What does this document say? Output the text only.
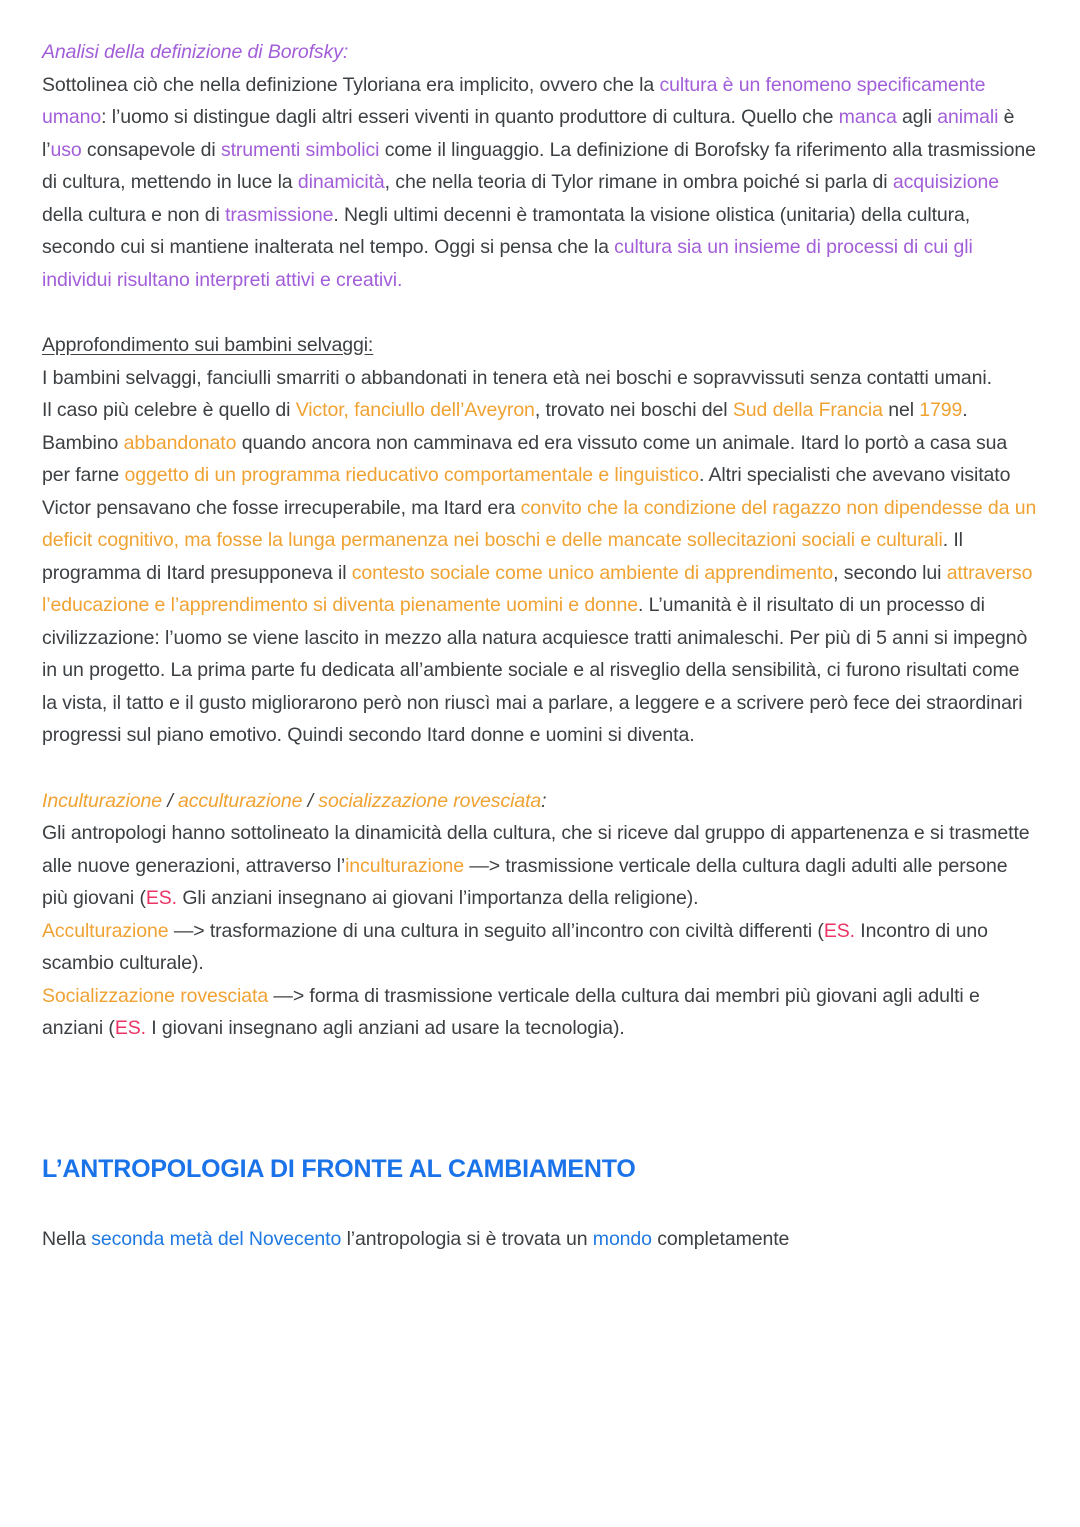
Analisi della definizione di Borofsky:
Sottolinea ciò che nella definizione Tyloriana era implicito, ovvero che la cultura è un fenomeno specificamente umano: l’uomo si distingue dagli altri esseri viventi in quanto produttore di cultura. Quello che manca agli animali è l’uso consapevole di strumenti simbolici come il linguaggio. La definizione di Borofsky fa riferimento alla trasmissione di cultura, mettendo in luce la dinamicità, che nella teoria di Tylor rimane in ombra poiché si parla di acquisizione della cultura e non di trasmissione. Negli ultimi decenni è tramontata la visione olistica (unitaria) della cultura, secondo cui si mantiene inalterata nel tempo. Oggi si pensa che la cultura sia un insieme di processi di cui gli individui risultano interpreti attivi e creativi.
Approfondimento sui bambini selvaggi:
I bambini selvaggi, fanciulli smarriti o abbandonati in tenera età nei boschi e sopravvissuti senza contatti umani.
Il caso più celebre è quello di Victor, fanciullo dell’Aveyron, trovato nei boschi del Sud della Francia nel 1799. Bambino abbandonato quando ancora non camminava ed era vissuto come un animale. Itard lo portò a casa sua per farne oggetto di un programma rieducativo comportamentale e linguistico. Altri specialisti che avevano visitato Victor pensavano che fosse irrecuperabile, ma Itard era convito che la condizione del ragazzo non dipendesse da un deficit cognitivo, ma fosse la lunga permanenza nei boschi e delle mancate sollecitazioni sociali e culturali. Il programma di Itard presupponeva il contesto sociale come unico ambiente di apprendimento, secondo lui attraverso l’educazione e l’apprendimento si diventa pienamente uomini e donne. L’umanità è il risultato di un processo di civilizzazione: l’uomo se viene lascito in mezzo alla natura acquiesce tratti animaleschi. Per più di 5 anni si impegnò in un progetto. La prima parte fu dedicata all’ambiente sociale e al risveglio della sensibilità, ci furono risultati come la vista, il tatto e il gusto migliorarono però non riuscì mai a parlare, a leggere e a scrivere però fece dei straordinari progressi sul piano emotivo. Quindi secondo Itard donne e uomini si diventa.
Inculturazione / acculturazione / socializzazione rovesciata:
Gli antropologi hanno sottolineato la dinamicità della cultura, che si riceve dal gruppo di appartenenza e si trasmette alle nuove generazioni, attraverso l’inculturazione —> trasmissione verticale della cultura dagli adulti alle persone più giovani (ES. Gli anziani insegnano ai giovani l’importanza della religione).
Acculturazione —> trasformazione di una cultura in seguito all’incontro con civiltà differenti (ES. Incontro di uno scambio culturale).
Socializzazione rovesciata —> forma di trasmissione verticale della cultura dai membri più giovani agli adulti e anziani (ES. I giovani insegnano agli anziani ad usare la tecnologia).
L’ANTROPOLOGIA DI FRONTE AL CAMBIAMENTO
Nella seconda metà del Novecento l’antropologia si è trovata un mondo completamente
